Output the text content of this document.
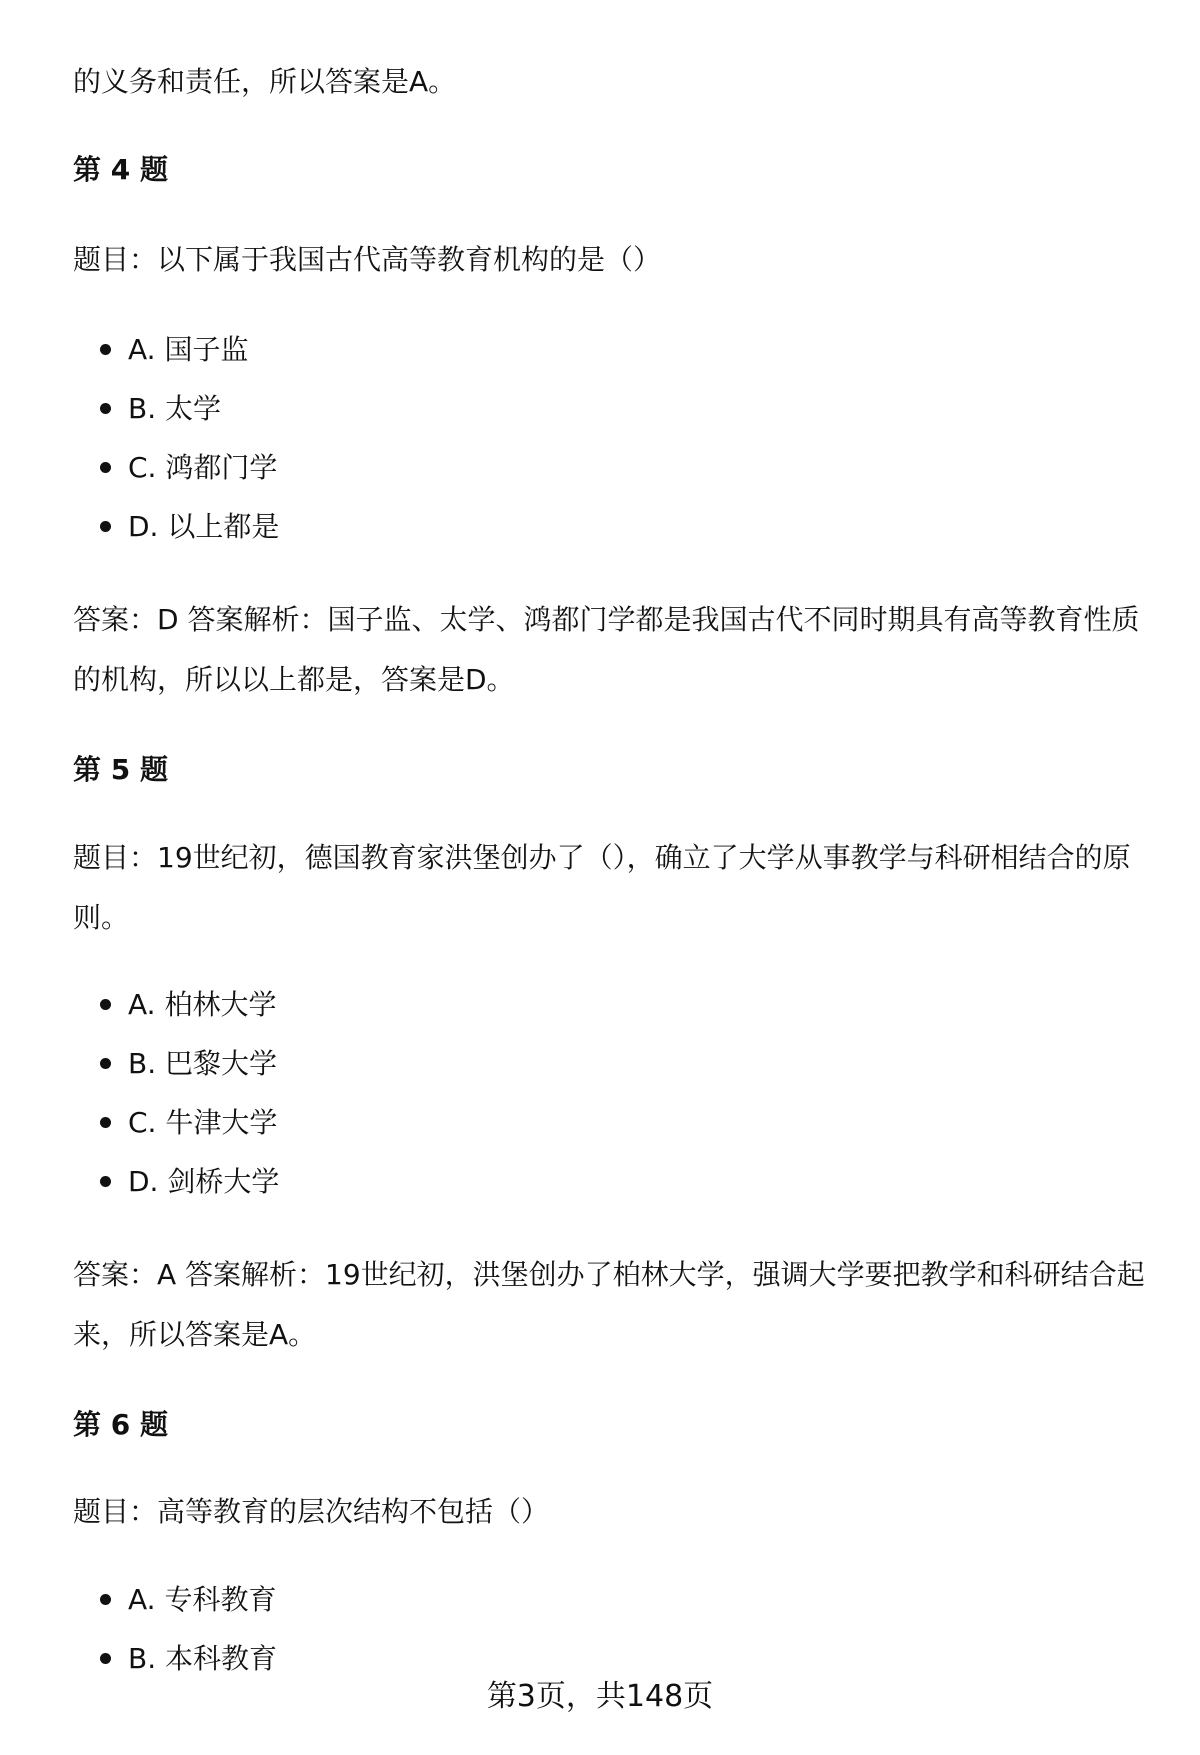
的义务和责任，所以答案是A。

第 4 题

题目：以下属于我国古代高等教育机构的是（）

A. 国子监
B. 太学
C. 鸿都门学
D. 以上都是

答案：D 答案解析：国子监、太学、鸿都门学都是我国古代不同时期具有高等教育性质的机构，所以以上都是，答案是D。

第 5 题

题目：19世纪初，德国教育家洪堡创办了（），确立了大学从事教学与科研相结合的原则。

A. 柏林大学
B. 巴黎大学
C. 牛津大学
D. 剑桥大学

答案：A 答案解析：19世纪初，洪堡创办了柏林大学，强调大学要把教学和科研结合起来，所以答案是A。

第 6 题

题目：高等教育的层次结构不包括（）

A. 专科教育
B. 本科教育
第3页，共148页
